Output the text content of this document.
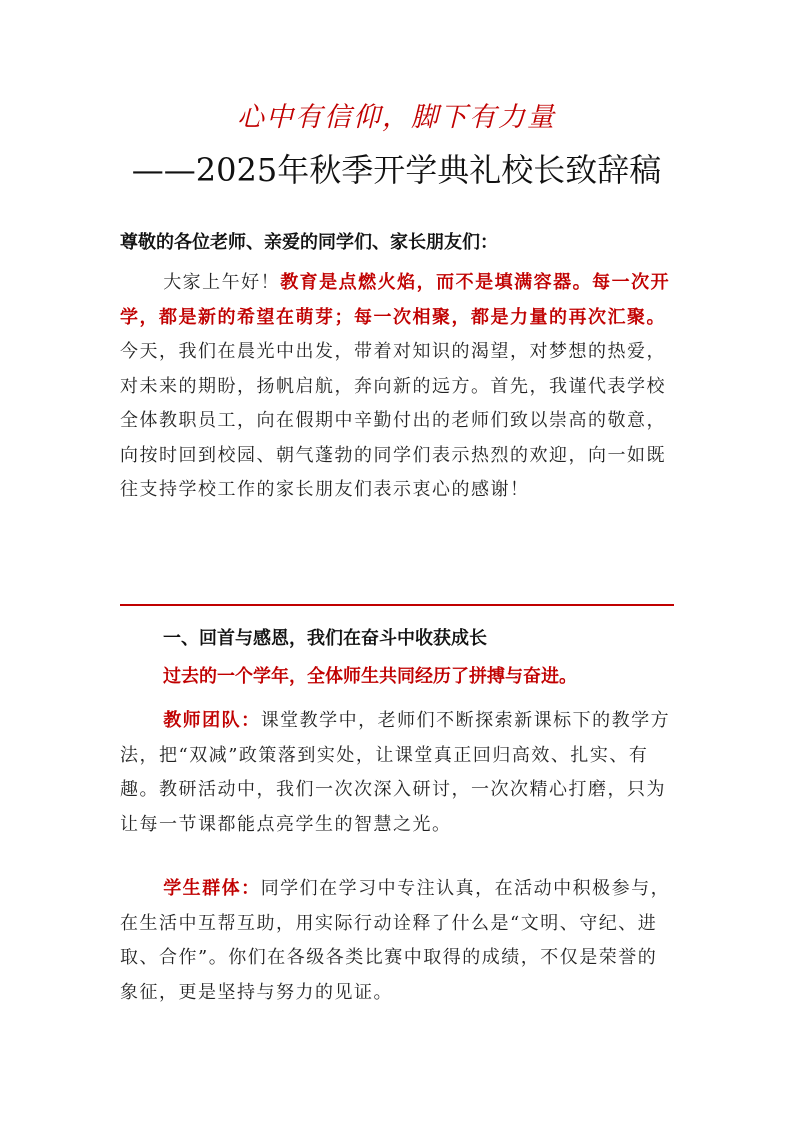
心中有信仰，脚下有力量
——2025年秋季开学典礼校长致辞稿
尊敬的各位老师、亲爱的同学们、家长朋友们：

大家上午好！教育是点燃火焰，而不是填满容器。每一次开学，都是新的希望在萌芽；每一次相聚，都是力量的再次汇聚。今天，我们在晨光中出发，带着对知识的渴望，对梦想的热爱，对未来的期盼，扬帆启航，奔向新的远方。首先，我谨代表学校全体教职员工，向在假期中辛勤付出的老师们致以崇高的敬意，向按时回到校园、朝气蓬勃的同学们表示热烈的欢迎，向一如既往支持学校工作的家长朋友们表示衷心的感谢！

一、回首与感恩，我们在奋斗中收获成长
过去的一个学年，全体师生共同经历了拼搏与奋进。

教师团队：课堂教学中，老师们不断探索新课标下的教学方法，把“双减”政策落到实处，让课堂真正回归高效、扎实、有趣。教研活动中，我们一次次深入研讨，一次次精心打磨，只为让每一节课都能点亮学生的智慧之光。

学生群体：同学们在学习中专注认真，在活动中积极参与，在生活中互帮互助，用实际行动诠释了什么是“文明、守纪、进取、合作”。你们在各级各类比赛中取得的成绩，不仅是荣誉的象征，更是坚持与努力的见证。
